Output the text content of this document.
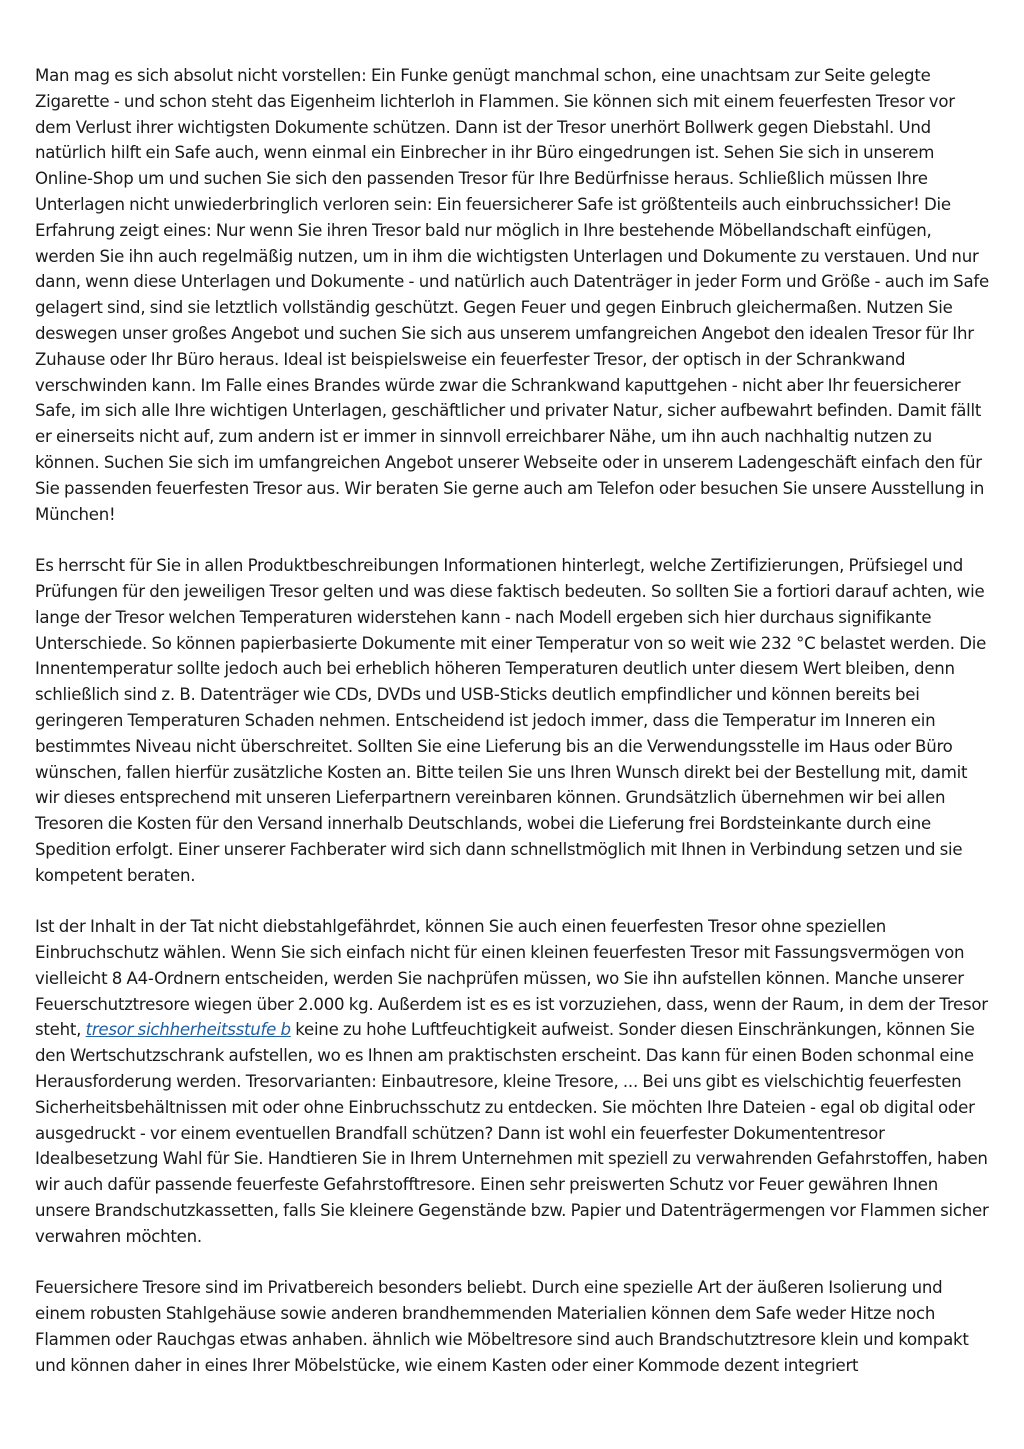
Man mag es sich absolut nicht vorstellen: Ein Funke genügt manchmal schon, eine unachtsam zur Seite gelegte Zigarette - und schon steht das Eigenheim lichterloh in Flammen. Sie können sich mit einem feuerfesten Tresor vor dem Verlust ihrer wichtigsten Dokumente schützen. Dann ist der Tresor unerhört Bollwerk gegen Diebstahl. Und natürlich hilft ein Safe auch, wenn einmal ein Einbrecher in ihr Büro eingedrungen ist. Sehen Sie sich in unserem Online-Shop um und suchen Sie sich den passenden Tresor für Ihre Bedürfnisse heraus. Schließlich müssen Ihre Unterlagen nicht unwiederbringlich verloren sein: Ein feuersicherer Safe ist größtenteils auch einbruchssicher! Die Erfahrung zeigt eines: Nur wenn Sie ihren Tresor bald nur möglich in Ihre bestehende Möbellandschaft einfügen, werden Sie ihn auch regelmäßig nutzen, um in ihm die wichtigsten Unterlagen und Dokumente zu verstauen. Und nur dann, wenn diese Unterlagen und Dokumente - und natürlich auch Datenträger in jeder Form und Größe - auch im Safe gelagert sind, sind sie letztlich vollständig geschützt. Gegen Feuer und gegen Einbruch gleichermaßen. Nutzen Sie deswegen unser großes Angebot und suchen Sie sich aus unserem umfangreichen Angebot den idealen Tresor für Ihr Zuhause oder Ihr Büro heraus. Ideal ist beispielsweise ein feuerfester Tresor, der optisch in der Schrankwand verschwinden kann. Im Falle eines Brandes würde zwar die Schrankwand kaputtgehen - nicht aber Ihr feuersicherer Safe, im sich alle Ihre wichtigen Unterlagen, geschäftlicher und privater Natur, sicher aufbewahrt befinden. Damit fällt er einerseits nicht auf, zum andern ist er immer in sinnvoll erreichbarer Nähe, um ihn auch nachhaltig nutzen zu können. Suchen Sie sich im umfangreichen Angebot unserer Webseite oder in unserem Ladengeschäft einfach den für Sie passenden feuerfesten Tresor aus. Wir beraten Sie gerne auch am Telefon oder besuchen Sie unsere Ausstellung in München!

Es herrscht für Sie in allen Produktbeschreibungen Informationen hinterlegt, welche Zertifizierungen, Prüfsiegel und Prüfungen für den jeweiligen Tresor gelten und was diese faktisch bedeuten. So sollten Sie a fortiori darauf achten, wie lange der Tresor welchen Temperaturen widerstehen kann - nach Modell ergeben sich hier durchaus signifikante Unterschiede. So können papierbasierte Dokumente mit einer Temperatur von so weit wie 232 °C belastet werden. Die Innentemperatur sollte jedoch auch bei erheblich höheren Temperaturen deutlich unter diesem Wert bleiben, denn schließlich sind z. B. Datenträger wie CDs, DVDs und USB-Sticks deutlich empfindlicher und können bereits bei geringeren Temperaturen Schaden nehmen. Entscheidend ist jedoch immer, dass die Temperatur im Inneren ein bestimmtes Niveau nicht überschreitet. Sollten Sie eine Lieferung bis an die Verwendungsstelle im Haus oder Büro wünschen, fallen hierfür zusätzliche Kosten an. Bitte teilen Sie uns Ihren Wunsch direkt bei der Bestellung mit, damit wir dieses entsprechend mit unseren Lieferpartnern vereinbaren können. Grundsätzlich übernehmen wir bei allen Tresoren die Kosten für den Versand innerhalb Deutschlands, wobei die Lieferung frei Bordsteinkante durch eine Spedition erfolgt. Einer unserer Fachberater wird sich dann schnellstmöglich mit Ihnen in Verbindung setzen und sie kompetent beraten.

Ist der Inhalt in der Tat nicht diebstahlgefährdet, können Sie auch einen feuerfesten Tresor ohne speziellen Einbruchschutz wählen. Wenn Sie sich einfach nicht für einen kleinen feuerfesten Tresor mit Fassungsvermögen von vielleicht 8 A4-Ordnern entscheiden, werden Sie nachprüfen müssen, wo Sie ihn aufstellen können. Manche unserer Feuerschutztresore wiegen über 2.000 kg. Außerdem ist es es ist vorzuziehen, dass, wenn der Raum, in dem der Tresor steht, tresor sichherheitsstufe b keine zu hohe Luftfeuchtigkeit aufweist. Sonder diesen Einschränkungen, können Sie den Wertschutzschrank aufstellen, wo es Ihnen am praktischsten erscheint. Das kann für einen Boden schonmal eine Herausforderung werden. Tresorvarianten: Einbautresore, kleine Tresore, ... Bei uns gibt es vielschichtig feuerfesten Sicherheitsbehältnissen mit oder ohne Einbruchsschutz zu entdecken. Sie möchten Ihre Dateien - egal ob digital oder ausgedruckt - vor einem eventuellen Brandfall schützen? Dann ist wohl ein feuerfester Dokumententresor Idealbesetzung Wahl für Sie. Handtieren Sie in Ihrem Unternehmen mit speziell zu verwahrenden Gefahrstoffen, haben wir auch dafür passende feuerfeste Gefahrstofftresore. Einen sehr preiswerten Schutz vor Feuer gewähren Ihnen unsere Brandschutzkassetten, falls Sie kleinere Gegenstände bzw. Papier und Datenträgermengen vor Flammen sicher verwahren möchten.

Feuersichere Tresore sind im Privatbereich besonders beliebt. Durch eine spezielle Art der äußeren Isolierung und einem robusten Stahlgehäuse sowie anderen brandhemmenden Materialien können dem Safe weder Hitze noch Flammen oder Rauchgas etwas anhaben. ähnlich wie Möbeltresore sind auch Brandschutztresore klein und kompakt und können daher in eines Ihrer Möbelstücke, wie einem Kasten oder einer Kommode dezent integriert
